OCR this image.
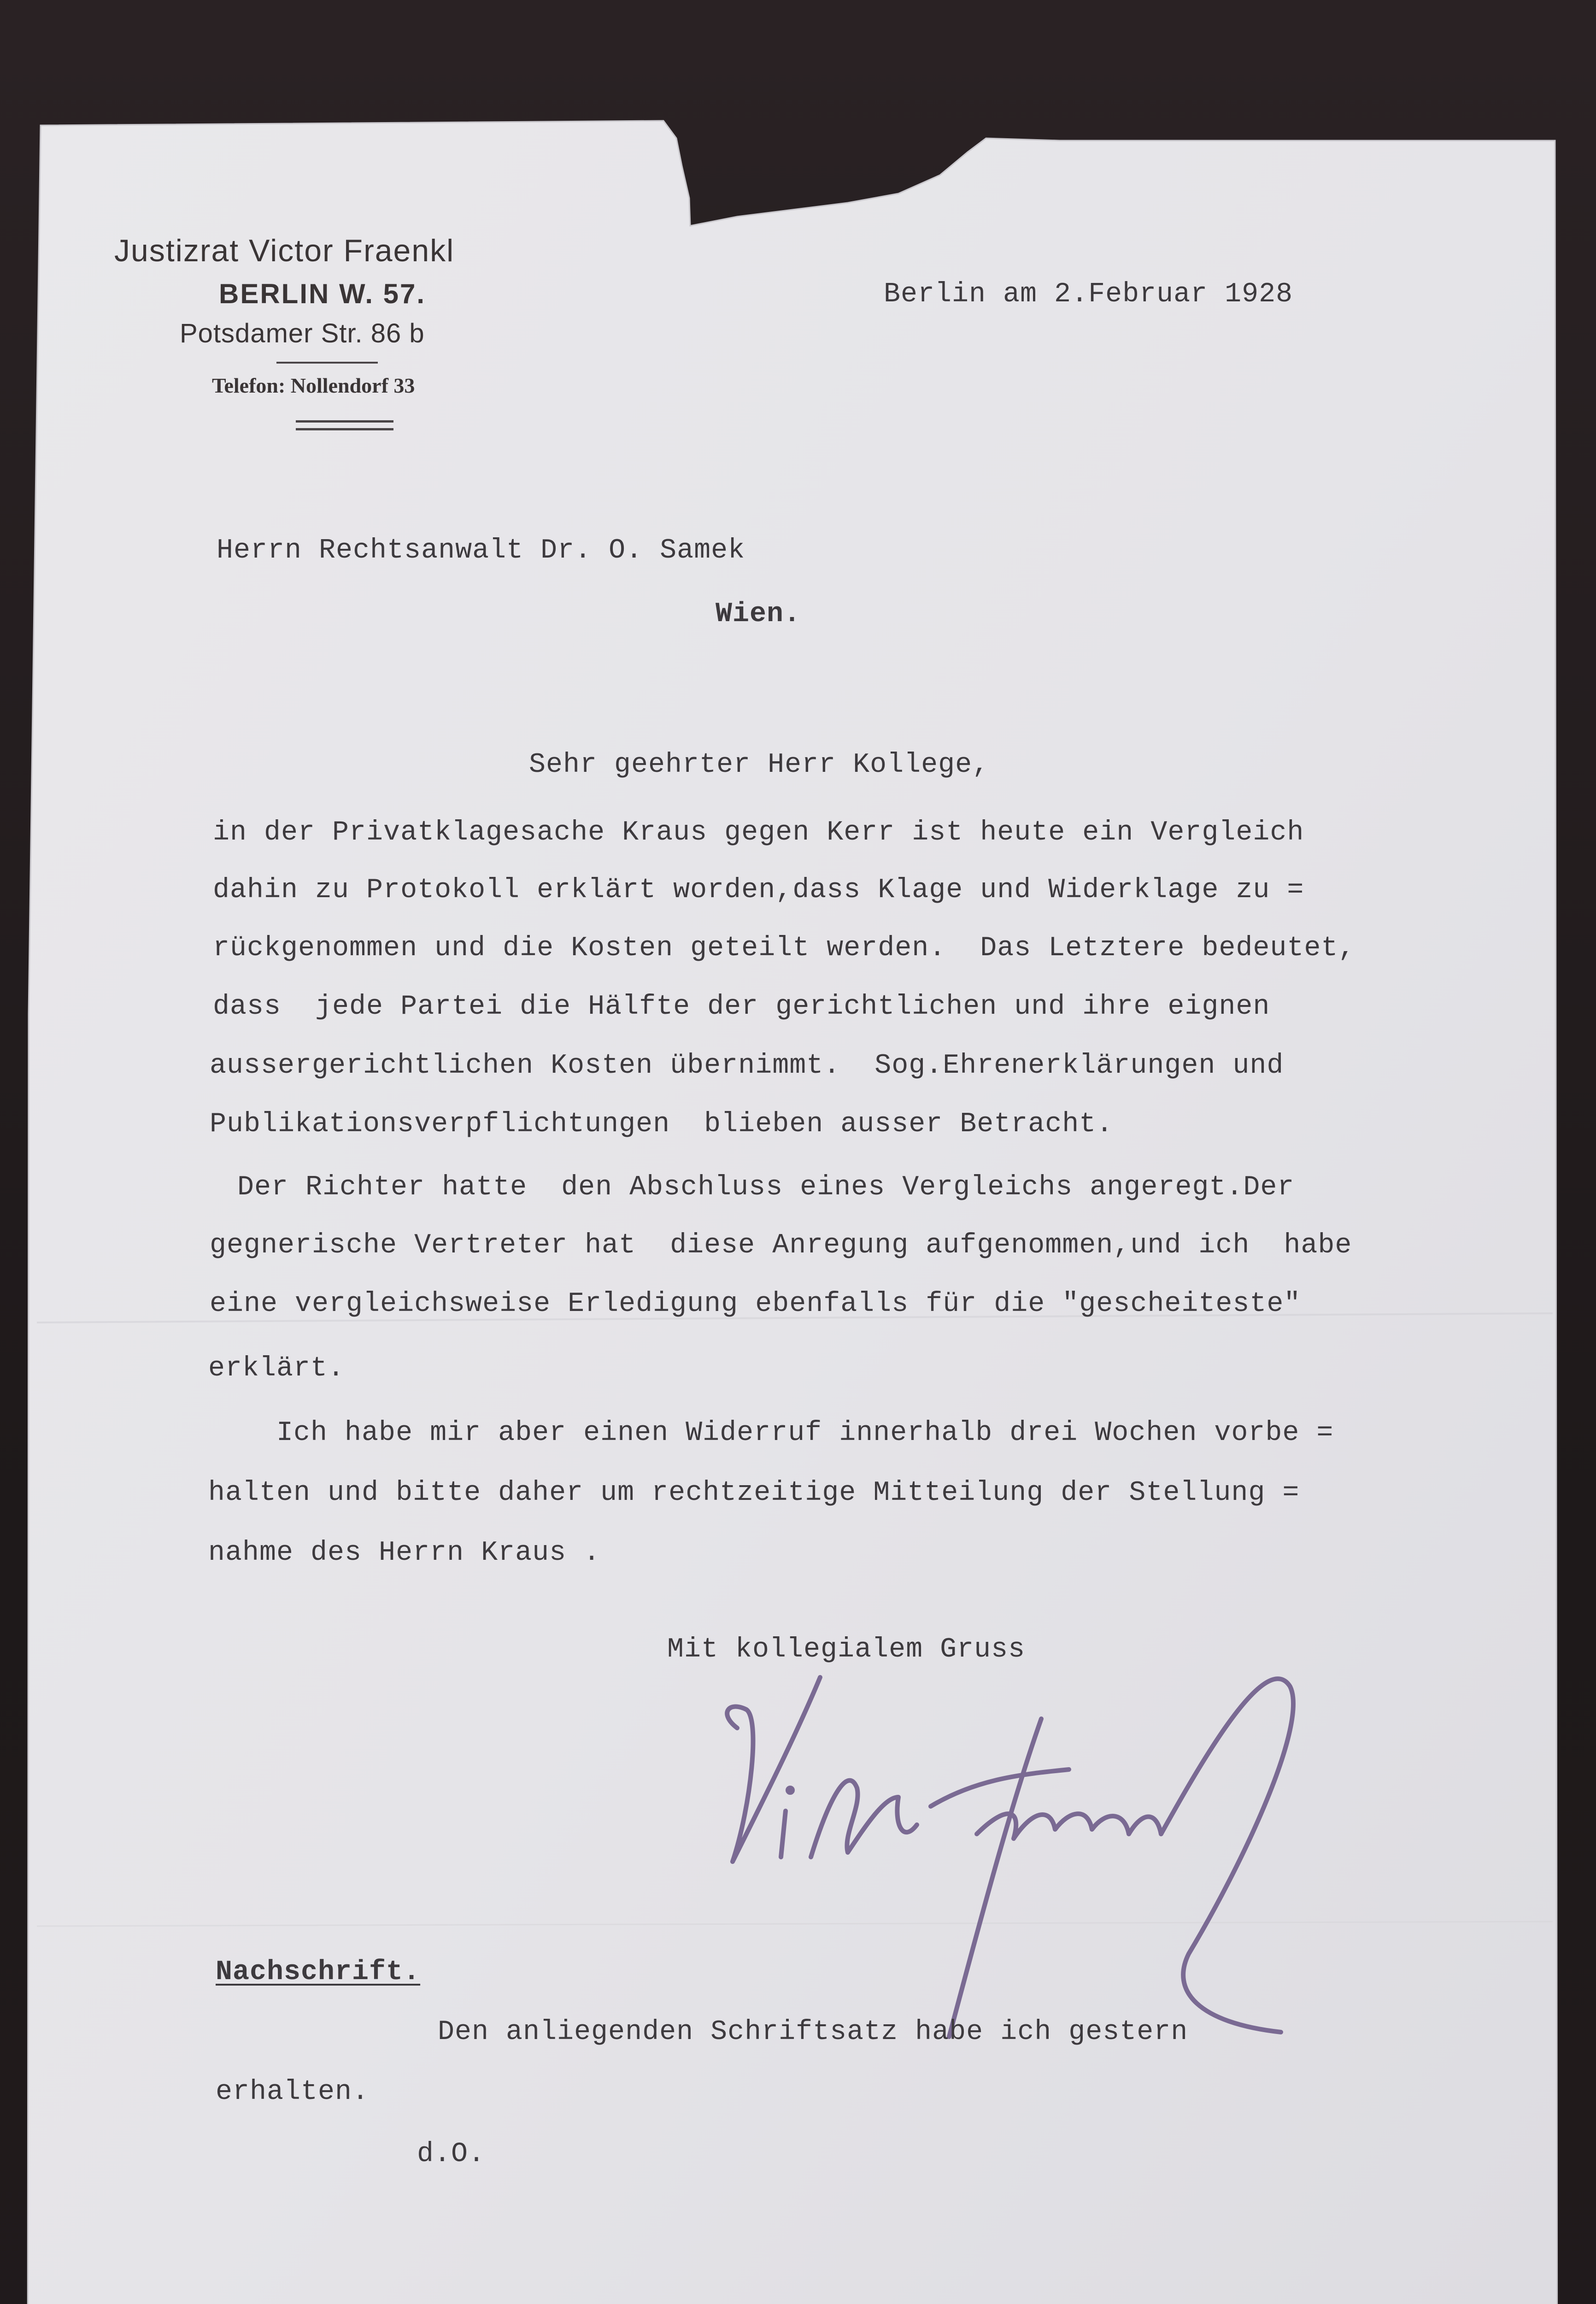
Justizrat Victor Fraenkl
BERLIN W. 57.
Potsdamer Str. 86 b
Telefon: Nollendorf 33
Berlin am 2.Februar 1928
Herrn Rechtsanwalt Dr. O. Samek
Wien.
Sehr geehrter Herr Kollege,
in der Privatklagesache Kraus gegen Kerr ist heute ein Vergleich
dahin zu Protokoll erklärt worden,dass Klage und Widerklage zu =
rückgenommen und die Kosten geteilt werden.  Das Letztere bedeutet,
dass  jede Partei die Hälfte der gerichtlichen und ihre eignen
aussergerichtlichen Kosten übernimmt.  Sog.Ehrenerklärungen und
Publikationsverpflichtungen  blieben ausser Betracht.
Der Richter hatte  den Abschluss eines Vergleichs angeregt.Der
gegnerische Vertreter hat  diese Anregung aufgenommen,und ich  habe
eine vergleichsweise Erledigung ebenfalls für die "gescheiteste"
erklärt.
Ich habe mir aber einen Widerruf innerhalb drei Wochen vorbe =
halten und bitte daher um rechtzeitige Mitteilung der Stellung =
nahme des Herrn Kraus .
Mit kollegialem Gruss
Nachschrift.
Den anliegenden Schriftsatz habe ich gestern
erhalten.
d.O.
